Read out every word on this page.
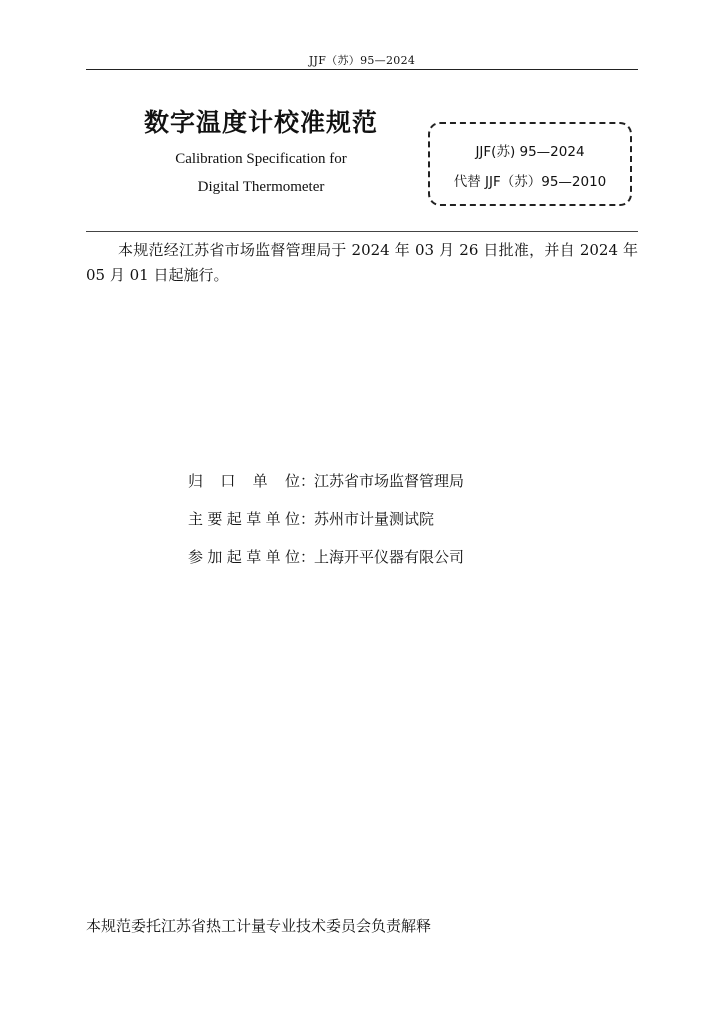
JJF（苏）95—2024

数字温度计校准规范

Calibration Specification for

Digital Thermometer

JJF(苏) 95—2024
代替 JJF（苏）95—2010

本规范经江苏省市场监督管理局于 2024 年 03 月 26 日批准，并自 2024 年 05 月 01 日起施行。

归口单位：江苏省市场监督管理局
主要起草单位：苏州市计量测试院
参加起草单位：上海开平仪器有限公司

本规范委托江苏省热工计量专业技术委员会负责解释
